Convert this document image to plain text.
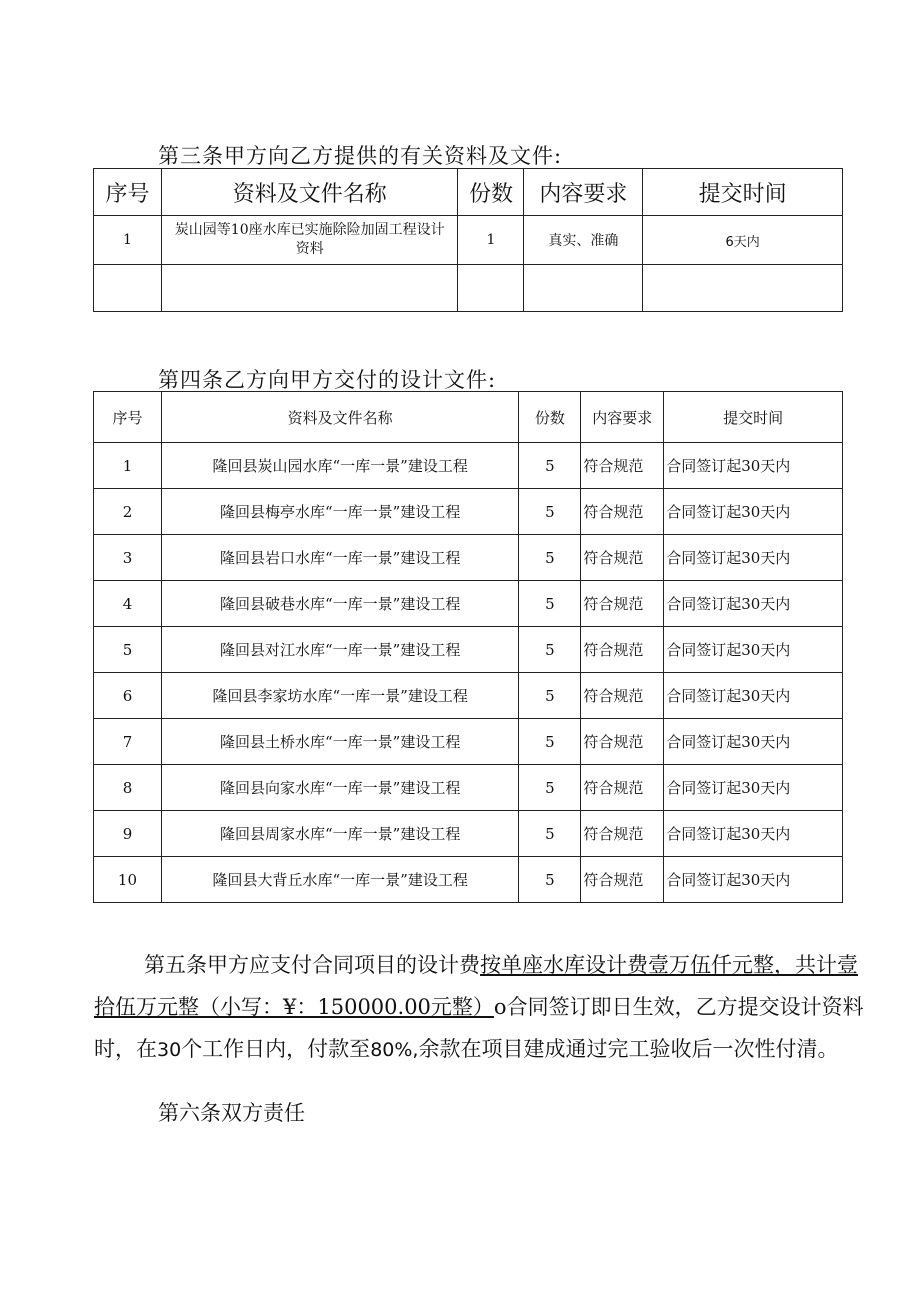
第三条甲方向乙方提供的有关资料及文件:
序号	资料及文件名称	份数	内容要求	提交时间
1	炭山园等10座水库已实施除险加固工程设计资料	1	真实、准确	6天内

第四条乙方向甲方交付的设计文件:
序号	资料及文件名称	份数	内容要求	提交时间
1	隆回县炭山园水库“一库一景”建设工程	5	符合规范	合同签订起30天内
2	隆回县梅亭水库“一库一景”建设工程	5	符合规范	合同签订起30天内
3	隆回县岩口水库“一库一景”建设工程	5	符合规范	合同签订起30天内
4	隆回县破巷水库“一库一景”建设工程	5	符合规范	合同签订起30天内
5	隆回县对江水库“一库一景”建设工程	5	符合规范	合同签订起30天内
6	隆回县李家坊水库“一库一景”建设工程	5	符合规范	合同签订起30天内
7	隆回县土桥水库“一库一景”建设工程	5	符合规范	合同签订起30天内
8	隆回县向家水库“一库一景”建设工程	5	符合规范	合同签订起30天内
9	隆回县周家水库“一库一景”建设工程	5	符合规范	合同签订起30天内
10	隆回县大背丘水库“一库一景”建设工程	5	符合规范	合同签订起30天内

第五条甲方应支付合同项目的设计费按单座水库设计费壹万伍仟元整，共计壹拾伍万元整（小写：¥：150000.00元整）o合同签订即日生效，乙方提交设计资料时，在30个工作日内，付款至80%,余款在项目建成通过完工验收后一次性付清。

第六条双方责任
